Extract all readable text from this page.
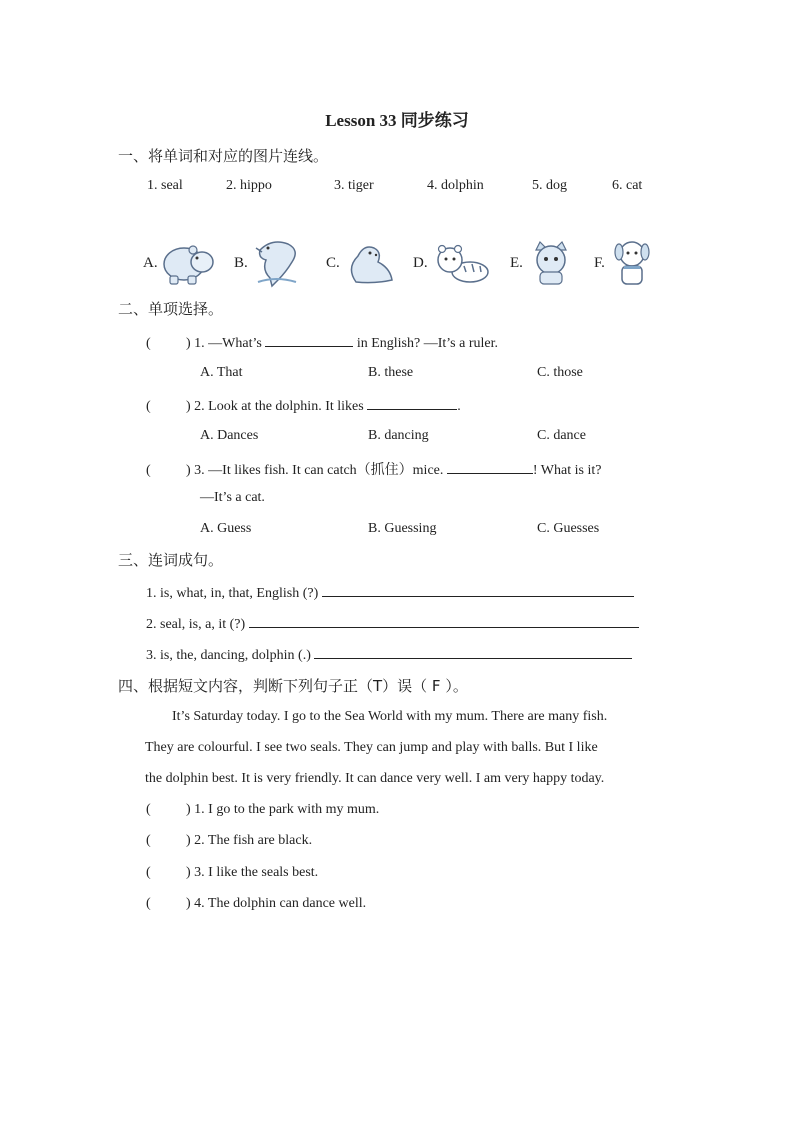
Lesson 33 同步练习
一、将单词和对应的图片连线。
1. seal	2. hippo	3. tiger	4. dolphin	5. dog	6. cat
A.	B.	C.	D.	E.	F.
二、单项选择。
(	) 1. —What’s	in English? —It’s a ruler.
A. That	B. these	C. those
(	) 2. Look at the dolphin. It likes	.
A. Dances	B. dancing	C. dance
(	) 3. —It likes fish. It can catch（抓住）mice.	! What is it?
—It’s a cat.
A. Guess	B. Guessing	C. Guesses
三、连词成句。
1. is, what, in, that, English (?)
2. seal, is, a, it (?)
3. is, the, dancing, dolphin (.)
四、根据短文内容，判断下列句子正（T）误（ F ）。
It’s Saturday today. I go to the Sea World with my mum. There are many fish.
They are colourful. I see two seals. They can jump and play with balls. But I like
the dolphin best. It is very friendly. It can dance very well. I am very happy today.
(	) 1. I go to the park with my mum.
(	) 2. The fish are black.
(	) 3. I like the seals best.
(	) 4. The dolphin can dance well.
